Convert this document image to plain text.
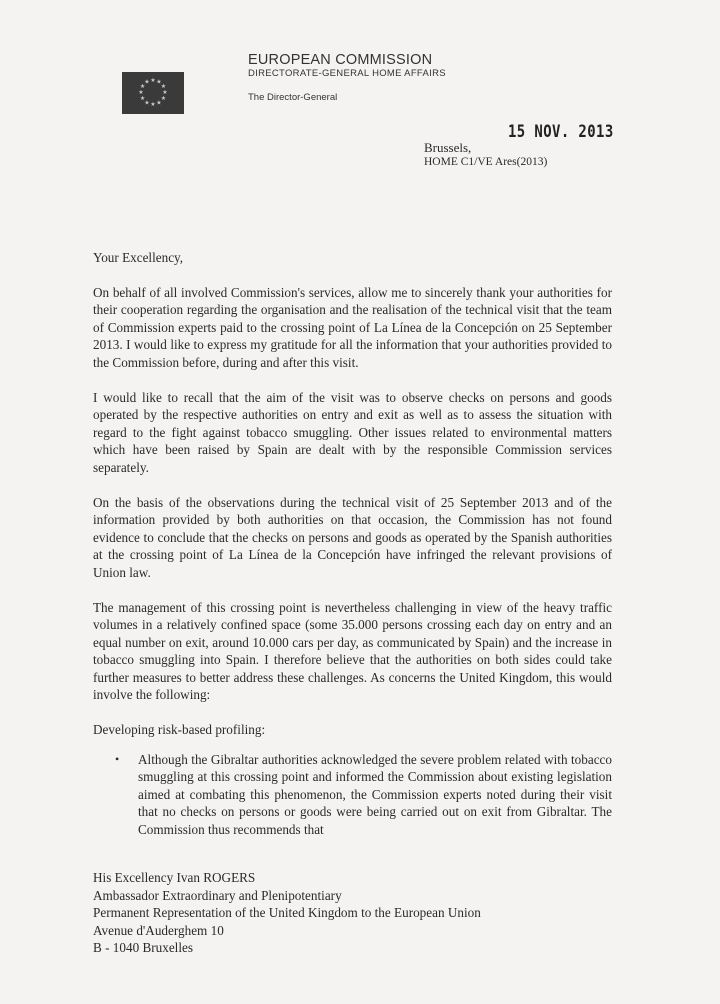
★ ★
★
★
★
★
★
★
★
★
★
★
EUROPEAN COMMISSION
DIRECTORATE-GENERAL HOME AFFAIRS
The Director-General
15 NOV. 2013
Brussels,
HOME C1/VE Ares(2013)

Your Excellency,

On behalf of all involved Commission's services, allow me to sincerely thank your authorities for their cooperation regarding the organisation and the realisation of the technical visit that the team of Commission experts paid to the crossing point of La Línea de la Concepción on 25 September 2013. I would like to express my gratitude for all the information that your authorities provided to the Commission before, during and after this visit.

I would like to recall that the aim of the visit was to observe checks on persons and goods operated by the respective authorities on entry and exit as well as to assess the situation with regard to the fight against tobacco smuggling. Other issues related to environmental matters which have been raised by Spain are dealt with by the responsible Commission services separately.

On the basis of the observations during the technical visit of 25 September 2013 and of the information provided by both authorities on that occasion, the Commission has not found evidence to conclude that the checks on persons and goods as operated by the Spanish authorities at the crossing point of La Línea de la Concepción have infringed the relevant provisions of Union law.

The management of this crossing point is nevertheless challenging in view of the heavy traffic volumes in a relatively confined space (some 35.000 persons crossing each day on entry and an equal number on exit, around 10.000 cars per day, as communicated by Spain) and the increase in tobacco smuggling into Spain. I therefore believe that the authorities on both sides could take further measures to better address these challenges. As concerns the United Kingdom, this would involve the following:

Developing risk-based profiling:

• Although the Gibraltar authorities acknowledged the severe problem related with tobacco smuggling at this crossing point and informed the Commission about existing legislation aimed at combating this phenomenon, the Commission experts noted during their visit that no checks on persons or goods were being carried out on exit from Gibraltar. The Commission thus recommends that
His Excellency Ivan ROGERS
Ambassador Extraordinary and Plenipotentiary
Permanent Representation of the United Kingdom to the European Union
Avenue d'Auderghem 10
B - 1040 Bruxelles
